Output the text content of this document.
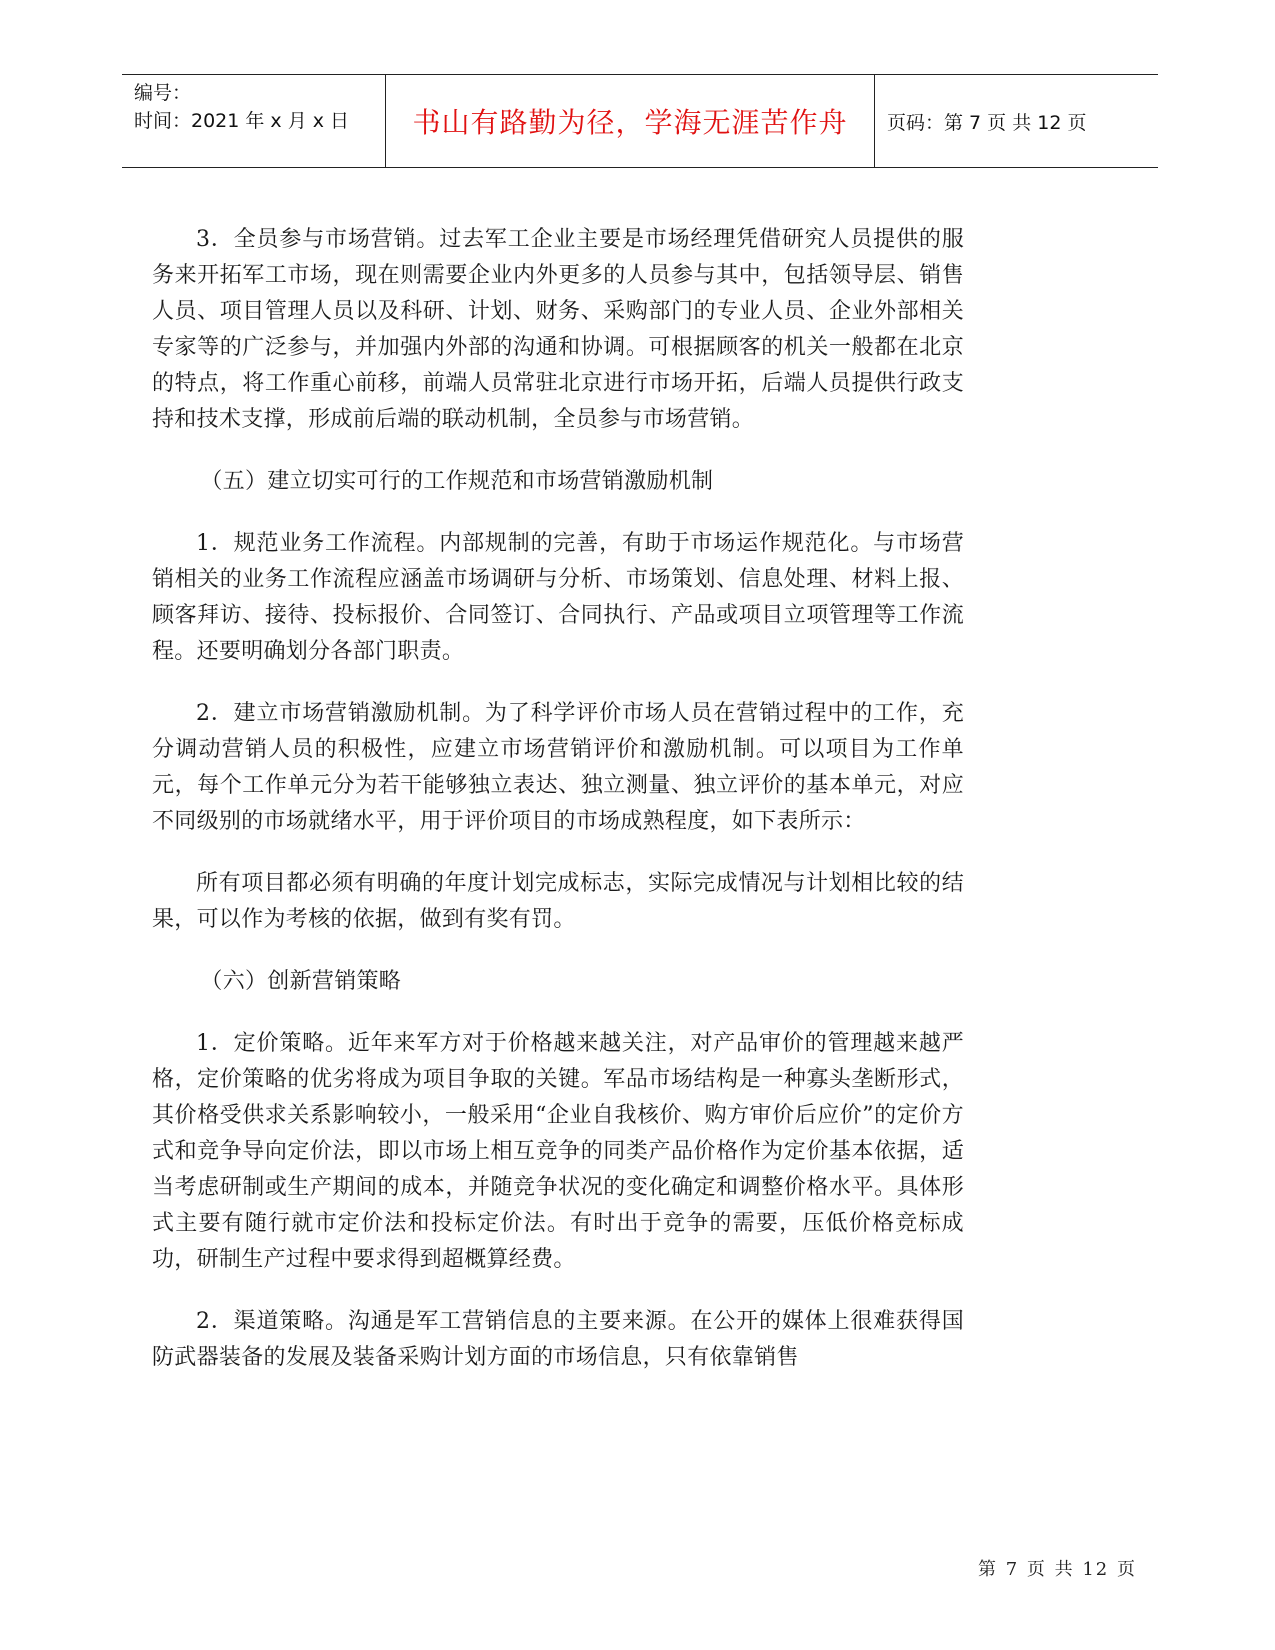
编号：
时间：2021 年 x 月 x 日	书山有路勤为径，学海无涯苦作舟 页码：第 7 页 共 12 页

3．全员参与市场营销。过去军工企业主要是市场经理凭借研究人员提供的服务来开拓军工市场，现在则需要企业内外更多的人员参与其中，包括领导层、销售人员、项目管理人员以及科研、计划、财务、采购部门的专业人员、企业外部相关专家等的广泛参与，并加强内外部的沟通和协调。可根据顾客的机关一般都在北京的特点，将工作重心前移，前端人员常驻北京进行市场开拓，后端人员提供行政支持和技术支撑，形成前后端的联动机制，全员参与市场营销。

（五）建立切实可行的工作规范和市场营销激励机制

1．规范业务工作流程。内部规制的完善，有助于市场运作规范化。与市场营销相关的业务工作流程应涵盖市场调研与分析、市场策划、信息处理、材料上报、顾客拜访、接待、投标报价、合同签订、合同执行、产品或项目立项管理等工作流程。还要明确划分各部门职责。

2．建立市场营销激励机制。为了科学评价市场人员在营销过程中的工作，充分调动营销人员的积极性，应建立市场营销评价和激励机制。可以项目为工作单元，每个工作单元分为若干能够独立表达、独立测量、独立评价的基本单元，对应不同级别的市场就绪水平，用于评价项目的市场成熟程度，如下表所示：

所有项目都必须有明确的年度计划完成标志，实际完成情况与计划相比较的结果，可以作为考核的依据，做到有奖有罚。

（六）创新营销策略

1．定价策略。近年来军方对于价格越来越关注，对产品审价的管理越来越严格，定价策略的优劣将成为项目争取的关键。军品市场结构是一种寡头垄断形式，其价格受供求关系影响较小，一般采用“企业自我核价、购方审价后应价”的定价方式和竞争导向定价法，即以市场上相互竞争的同类产品价格作为定价基本依据，适当考虑研制或生产期间的成本，并随竞争状况的变化确定和调整价格水平。具体形式主要有随行就市定价法和投标定价法。有时出于竞争的需要，压低价格竞标成功，研制生产过程中要求得到超概算经费。

2．渠道策略。沟通是军工营销信息的主要来源。在公开的媒体上很难获得国防武器装备的发展及装备采购计划方面的市场信息，只有依靠销售

第 7 页 共 12 页
